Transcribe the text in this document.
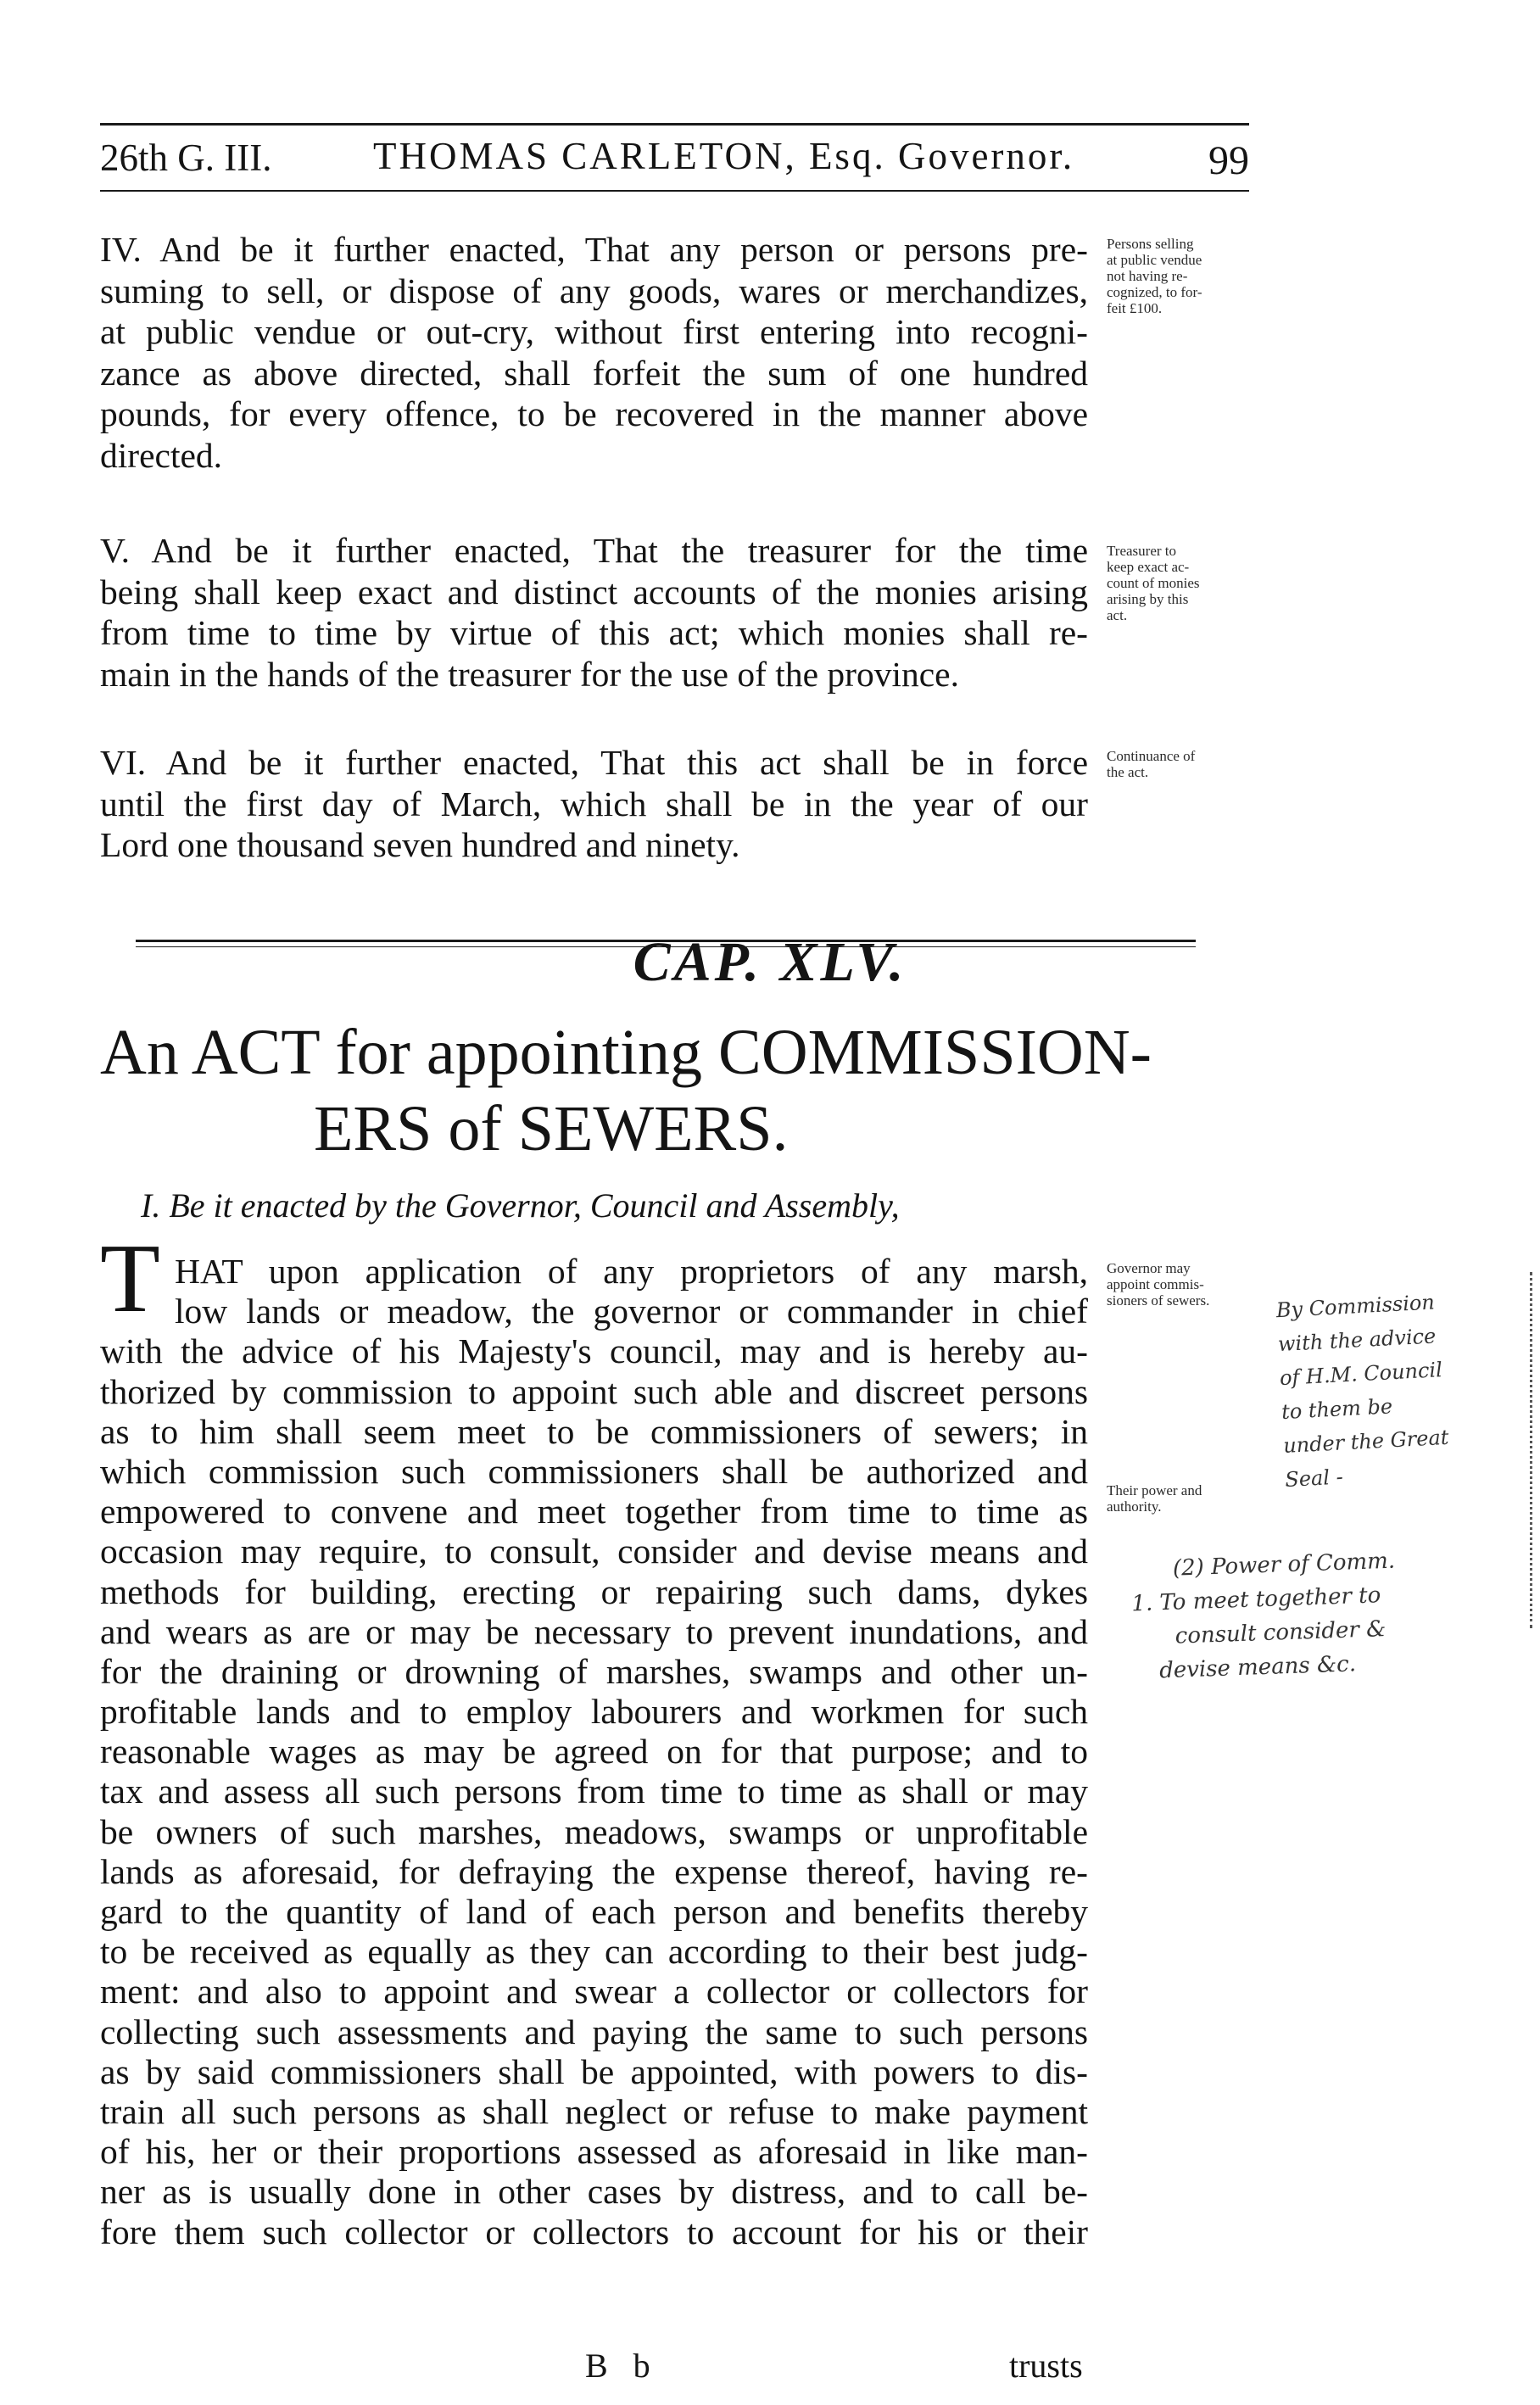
26th G. III.	THOMAS CARLETON, Esq. Governor.	99
IV. And be it further enacted, That any person or persons pre-
suming to sell, or dispose of any goods, wares or merchandizes,
at public vendue or out-cry, without first entering into recogni-
zance as above directed, shall forfeit the sum of one hundred
pounds, for every offence, to be recovered in the manner above
directed.
Persons selling
at public vendue
not having re-
cognized, to for-
feit £100.
V. And be it further enacted, That the treasurer for the time
being shall keep exact and distinct accounts of the monies arising
from time to time by virtue of this act; which monies shall re-
main in the hands of the treasurer for the use of the province.
Treasurer to
keep exact ac-
count of monies
arising by this
act.
VI. And be it further enacted, That this act shall be in force
until the first day of March, which shall be in the year of our
Lord one thousand seven hundred and ninety.
Continuance of
the act.
CAP. XLV.
An ACT for appointing COMMISSION-
ERS of SEWERS.
I. Be it enacted by the Governor, Council and Assembly,
T HAT upon application of any proprietors of any marsh,
low lands or meadow, the governor or commander in chief
with the advice of his Majesty's council, may and is hereby au-
thorized by commission to appoint such able and discreet persons
as to him shall seem meet to be commissioners of sewers; in
which commission such commissioners shall be authorized and
empowered to convene and meet together from time to time as
occasion may require, to consult, consider and devise means and
methods for building, erecting or repairing such dams, dykes
and wears as are or may be necessary to prevent inundations, and
for the draining or drowning of marshes, swamps and other un-
profitable lands and to employ labourers and workmen for such
reasonable wages as may be agreed on for that purpose; and to
tax and assess all such persons from time to time as shall or may
be owners of such marshes, meadows, swamps or unprofitable
lands as aforesaid, for defraying the expense thereof, having re-
gard to the quantity of land of each person and benefits thereby
to be received as equally as they can according to their best judg-
ment: and also to appoint and swear a collector or collectors for
collecting such assessments and paying the same to such persons
as by said commissioners shall be appointed, with powers to dis-
train all such persons as shall neglect or refuse to make payment
of his, her or their proportions assessed as aforesaid in like man-
ner as is usually done in other cases by distress, and to call be-
fore them such collector or collectors to account for his or their
Governor may
appoint commis-
sioners of sewers.
Their power and
authority.
By Commission
with the advice
of H.M. Council
to them be
under the Great
Seal -
(2) Power of Comm.
1. To meet together to
consult consider &
devise means &c.
B b	trusts
